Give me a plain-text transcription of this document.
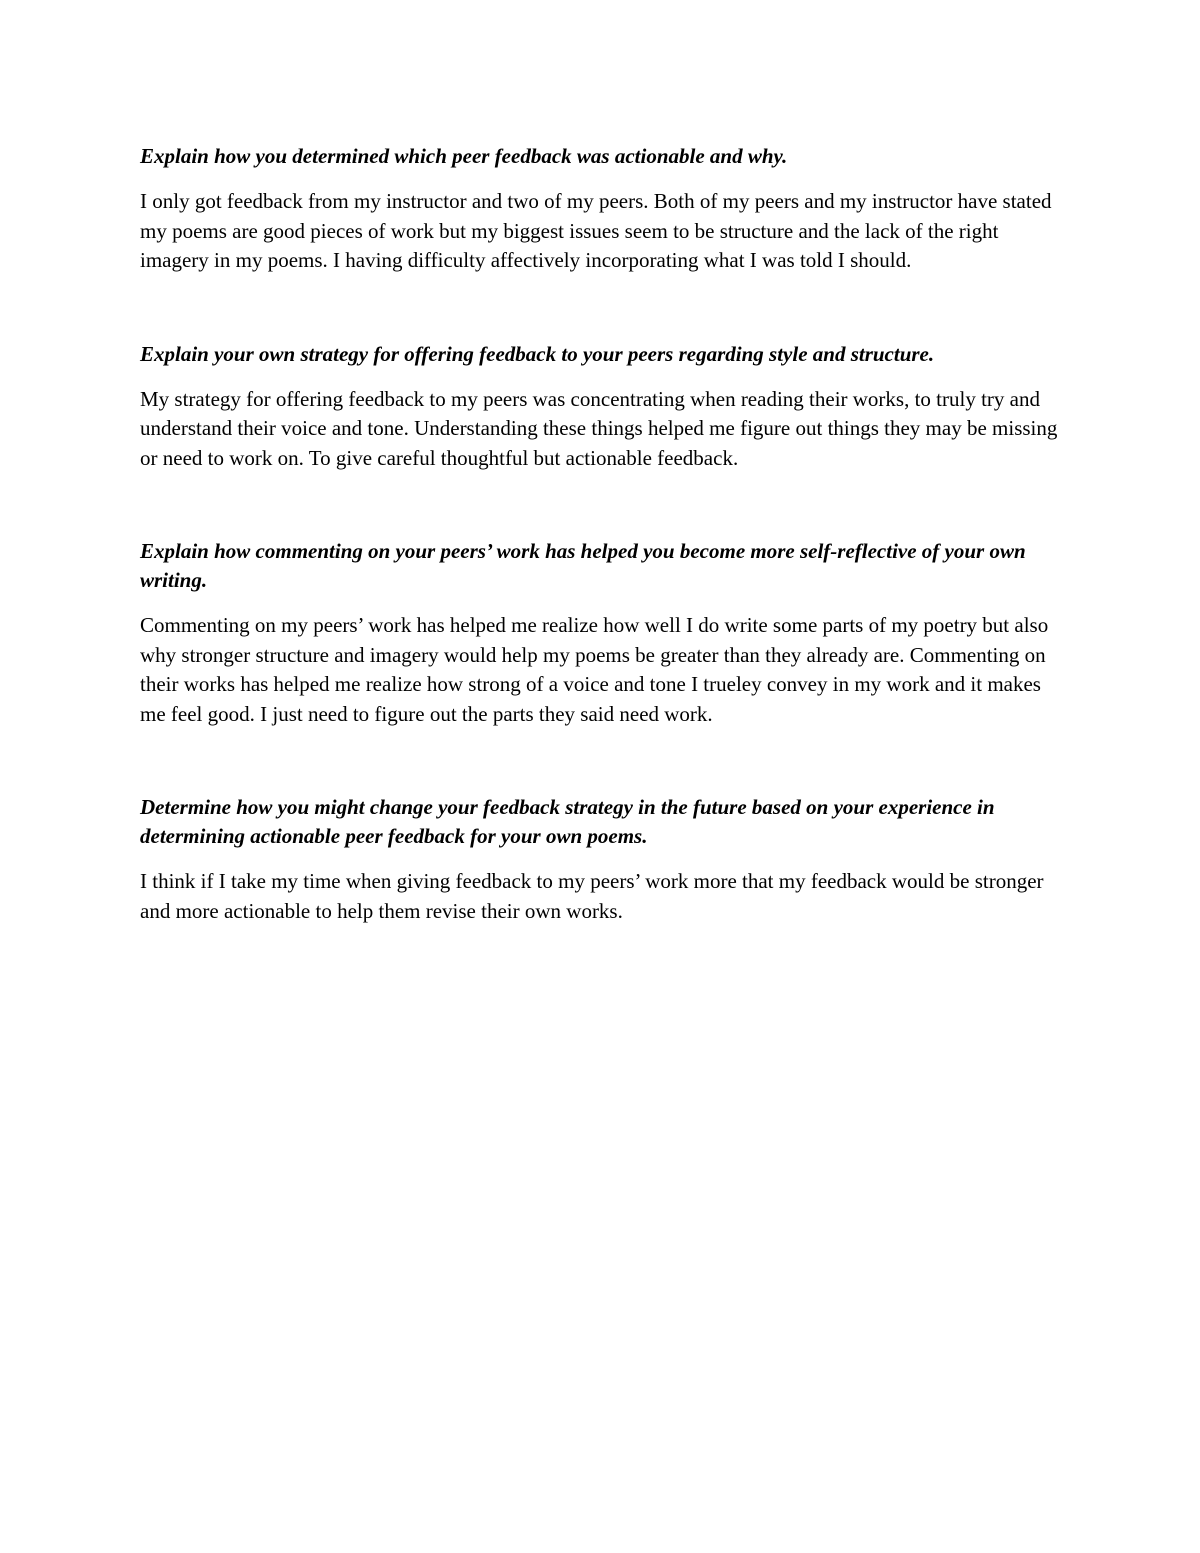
Explain how you determined which peer feedback was actionable and why.

I only got feedback from my instructor and two of my peers. Both of my peers and my instructor have stated my poems are good pieces of work but my biggest issues seem to be structure and the lack of the right imagery in my poems. I having difficulty affectively incorporating what I was told I should.

Explain your own strategy for offering feedback to your peers regarding style and structure.

My strategy for offering feedback to my peers was concentrating when reading their works, to truly try and understand their voice and tone. Understanding these things helped me figure out things they may be missing or need to work on. To give careful thoughtful but actionable feedback.

Explain how commenting on your peers’ work has helped you become more self-reflective of your own writing.

Commenting on my peers’ work has helped me realize how well I do write some parts of my poetry but also why stronger structure and imagery would help my poems be greater than they already are. Commenting on their works has helped me realize how strong of a voice and tone I trueley convey in my work and it makes me feel good. I just need to figure out the parts they said need work.

Determine how you might change your feedback strategy in the future based on your experience in determining actionable peer feedback for your own poems.

I think if I take my time when giving feedback to my peers’ work more that my feedback would be stronger and more actionable to help them revise their own works.
